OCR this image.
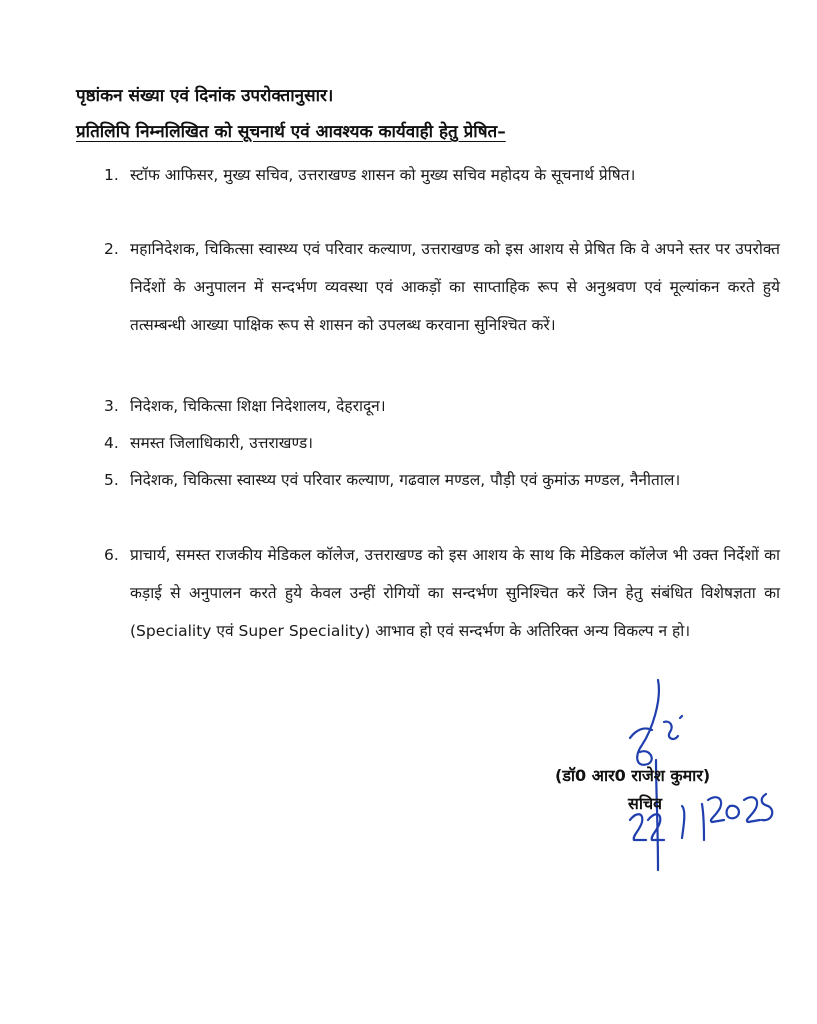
पृष्ठांकन संख्या एवं दिनांक उपरोक्तानुसार।
प्रतिलिपि निम्नलिखित को सूचनार्थ एवं आवश्यक कार्यवाही हेतु प्रेषित–
1. स्टॉफ आफिसर, मुख्य सचिव, उत्तराखण्ड शासन को मुख्य सचिव महोदय के सूचनार्थ प्रेषित।
2. महानिदेशक, चिकित्सा स्वास्थ्य एवं परिवार कल्याण, उत्तराखण्ड को इस आशय से प्रेषित कि वे अपने स्तर पर उपरोक्त निर्देशों के अनुपालन में सन्दर्भण व्यवस्था एवं आकड़ों का साप्ताहिक रूप से अनुश्रवण एवं मूल्यांकन करते हुये तत्सम्बन्धी आख्या पाक्षिक रूप से शासन को उपलब्ध करवाना सुनिश्चित करें।
3. निदेशक, चिकित्सा शिक्षा निदेशालय, देहरादून।
4. समस्त जिलाधिकारी, उत्तराखण्ड।
5. निदेशक, चिकित्सा स्वास्थ्य एवं परिवार कल्याण, गढवाल मण्डल, पौड़ी एवं कुमांऊ मण्डल, नैनीताल।
6. प्राचार्य, समस्त राजकीय मेडिकल कॉलेज, उत्तराखण्ड को इस आशय के साथ कि मेडिकल कॉलेज भी उक्त निर्देशों का कड़ाई से अनुपालन करते हुये केवल उन्हीं रोगियों का सन्दर्भण सुनिश्चित करें जिन हेतु संबंधित विशेषज्ञता का (Speciality एवं Super Speciality) आभाव हो एवं सन्दर्भण के अतिरिक्त अन्य विकल्प न हो।
(डॉ0 आर0 राजेश कुमार)
सचिव
